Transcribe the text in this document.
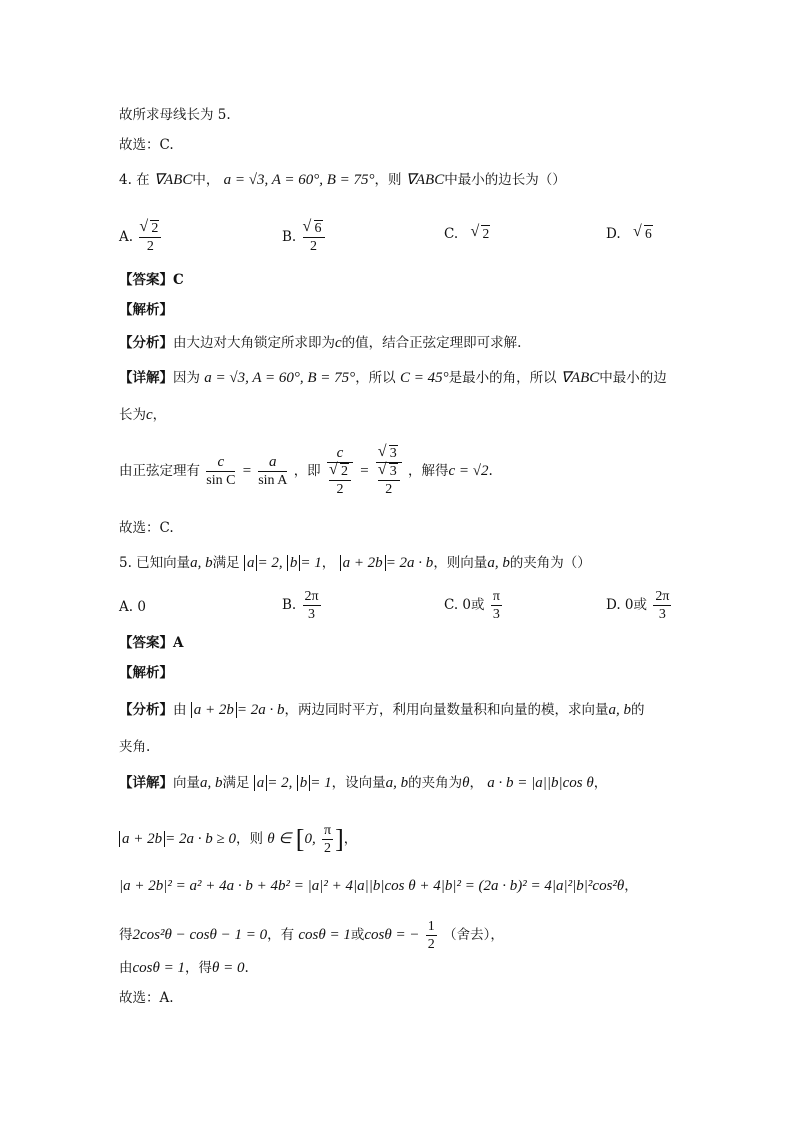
故所求母线长为 5.
故选：C.
4. 在 ∇ABC中， a = √3, A = 60°, B = 75°，则 ∇ABC中最小的边长为（）
A. √ $\frac{2}{2}$	B. √ $\frac{6}{2}$	C. √ 2	D. √ 6
【答案】C
【解析】
【分析】由大边对大角锁定所求即为c的值，结合正弦定理即可求解.
【详解】因为 a = √3, A = 60°, B = 75°，所以 C = 45°是最小的角，所以 ∇ABC中最小的边
长为c，
由正弦定理有 $\frac{c}{\text{sin C}} = \frac{a}{\text{sin A}}$ ，即 c
√ 2
2 = √ 3
√ 3
2 ，解得c = √2.
故选：C.
5. 已知向量a, b满足 a = 2, b = 1， a + 2b = 2a · b，则向量a, b的夹角为（）
A. 0	B. $\frac{2\pi}{3}$	C. 0或 $\frac{\pi}{3}$	D. 0或 $\frac{2\pi}{3}$
【答案】A
【解析】
【分析】由 a + 2b = 2a · b，两边同时平方，利用向量数量积和向量的模，求向量a, b的
夹角.
【详解】向量a, b满足 a = 2, b = 1，设向量a, b的夹角为θ， a · b = |a||b|cos θ，
a + 2b = 2a · b ≥ 0，则 θ ∈ [0, $\frac{\pi}{2}$ ]，
|a + 2b|² = a² + 4a · b + 4b² = |a|² + 4|a||b|cos θ + 4|b|² = (2a · b)² = 4|a|²|b|²cos²θ，
得2cos²θ − cosθ − 1 = 0，有 cosθ = 1或cosθ = − $\frac{1}{2}$ （舍去），
由cosθ = 1，得θ = 0.
故选：A.
